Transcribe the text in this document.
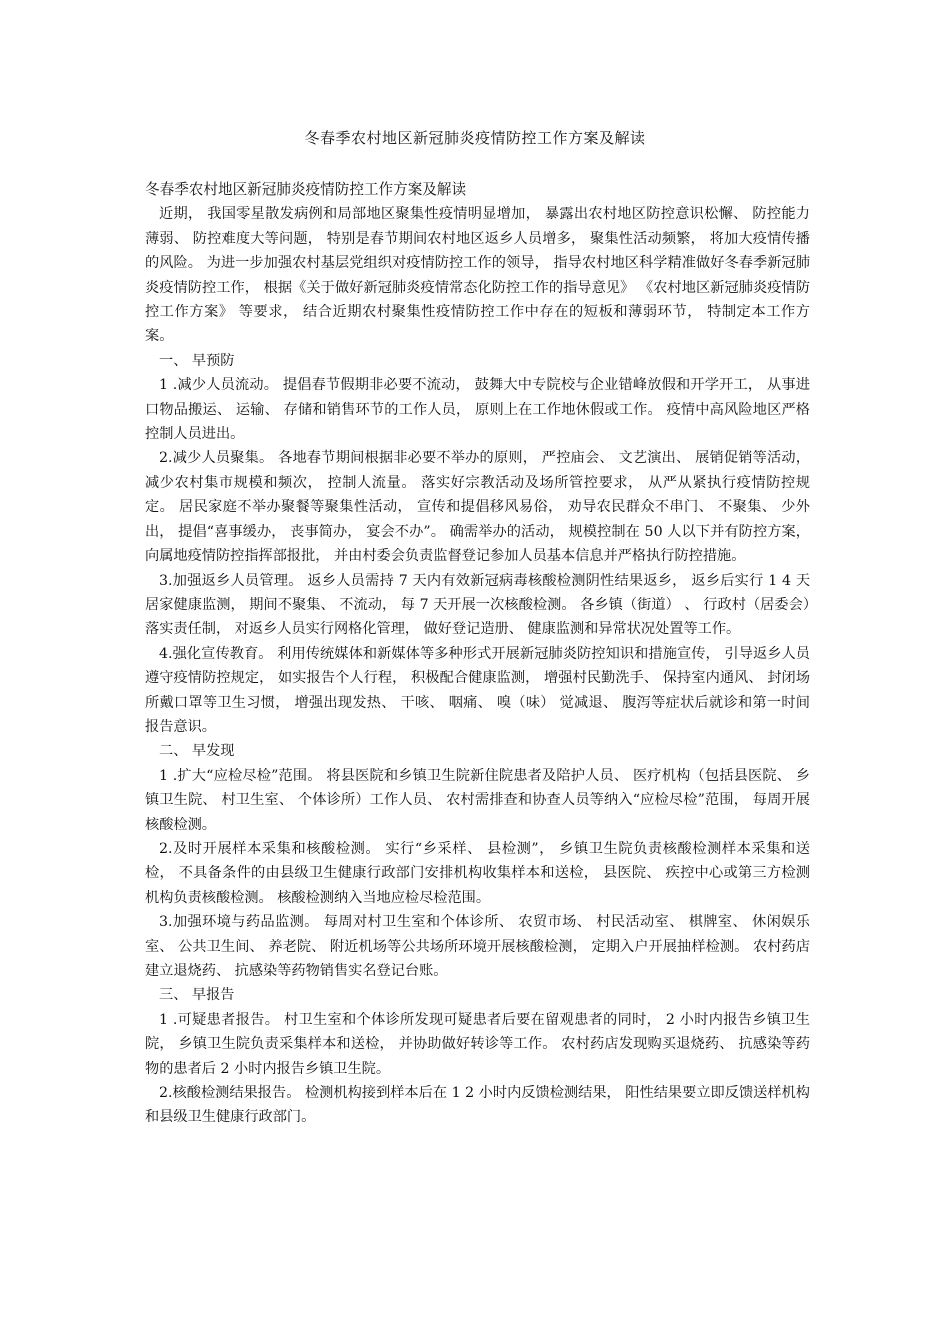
冬春季农村地区新冠肺炎疫情防控工作方案及解读

冬春季农村地区新冠肺炎疫情防控工作方案及解读

近期， 我国零星散发病例和局部地区聚集性疫情明显增加， 暴露出农村地区防控意识松懈、 防控能力薄弱、 防控难度大等问题， 特别是春节期间农村地区返乡人员增多， 聚集性活动频繁， 将加大疫情传播的风险。 为进一步加强农村基层党组织对疫情防控工作的领导， 指导农村地区科学精准做好冬春季新冠肺炎疫情防控工作， 根据《关于做好新冠肺炎疫情常态化防控工作的指导意见》 《农村地区新冠肺炎疫情防控工作方案》 等要求， 结合近期农村聚集性疫情防控工作中存在的短板和薄弱环节， 特制定本工作方案。

一、 早预防

1 .减少人员流动。 提倡春节假期非必要不流动， 鼓舞大中专院校与企业错峰放假和开学开工， 从事进口物品搬运、 运输、 存储和销售环节的工作人员， 原则上在工作地休假或工作。 疫情中高风险地区严格控制人员进出。

2.减少人员聚集。 各地春节期间根据非必要不举办的原则， 严控庙会、 文艺演出、 展销促销等活动， 减少农村集市规模和频次， 控制人流量。 落实好宗教活动及场所管控要求， 从严从紧执行疫情防控规定。 居民家庭不举办聚餐等聚集性活动， 宣传和提倡移风易俗， 劝导农民群众不串门、 不聚集、 少外出， 提倡“喜事缓办， 丧事简办， 宴会不办”。 确需举办的活动， 规模控制在 50 人以下并有防控方案， 向属地疫情防控指挥部报批， 并由村委会负责监督登记参加人员基本信息并严格执行防控措施。

3.加强返乡人员管理。 返乡人员需持 7 天内有效新冠病毒核酸检测阴性结果返乡， 返乡后实行 1 4 天居家健康监测， 期间不聚集、 不流动， 每 7 天开展一次核酸检测。 各乡镇（街道） 、 行政村（居委会）落实责任制， 对返乡人员实行网格化管理， 做好登记造册、 健康监测和异常状况处置等工作。

4.强化宣传教育。 利用传统媒体和新媒体等多种形式开展新冠肺炎防控知识和措施宣传， 引导返乡人员遵守疫情防控规定， 如实报告个人行程， 积极配合健康监测， 增强村民勤洗手、 保持室内通风、 封闭场所戴口罩等卫生习惯， 增强出现发热、 干咳、 咽痛、 嗅（味） 觉减退、 腹泻等症状后就诊和第一时间报告意识。

二、 早发现

1 .扩大“应检尽检”范围。 将县医院和乡镇卫生院新住院患者及陪护人员、 医疗机构（包括县医院、 乡镇卫生院、 村卫生室、 个体诊所）工作人员、 农村需排查和协查人员等纳入“应检尽检”范围， 每周开展核酸检测。

2.及时开展样本采集和核酸检测。 实行“乡采样、 县检测”， 乡镇卫生院负责核酸检测样本采集和送检， 不具备条件的由县级卫生健康行政部门安排机构收集样本和送检， 县医院、 疾控中心或第三方检测机构负责核酸检测。 核酸检测纳入当地应检尽检范围。

3.加强环境与药品监测。 每周对村卫生室和个体诊所、 农贸市场、 村民活动室、 棋牌室、 休闲娱乐室、 公共卫生间、 养老院、 附近机场等公共场所环境开展核酸检测， 定期入户开展抽样检测。 农村药店建立退烧药、 抗感染等药物销售实名登记台账。

三、 早报告

1 .可疑患者报告。 村卫生室和个体诊所发现可疑患者后要在留观患者的同时， 2 小时内报告乡镇卫生院， 乡镇卫生院负责采集样本和送检， 并协助做好转诊等工作。 农村药店发现购买退烧药、 抗感染等药物的患者后 2 小时内报告乡镇卫生院。

2.核酸检测结果报告。 检测机构接到样本后在 1 2 小时内反馈检测结果， 阳性结果要立即反馈送样机构和县级卫生健康行政部门。
